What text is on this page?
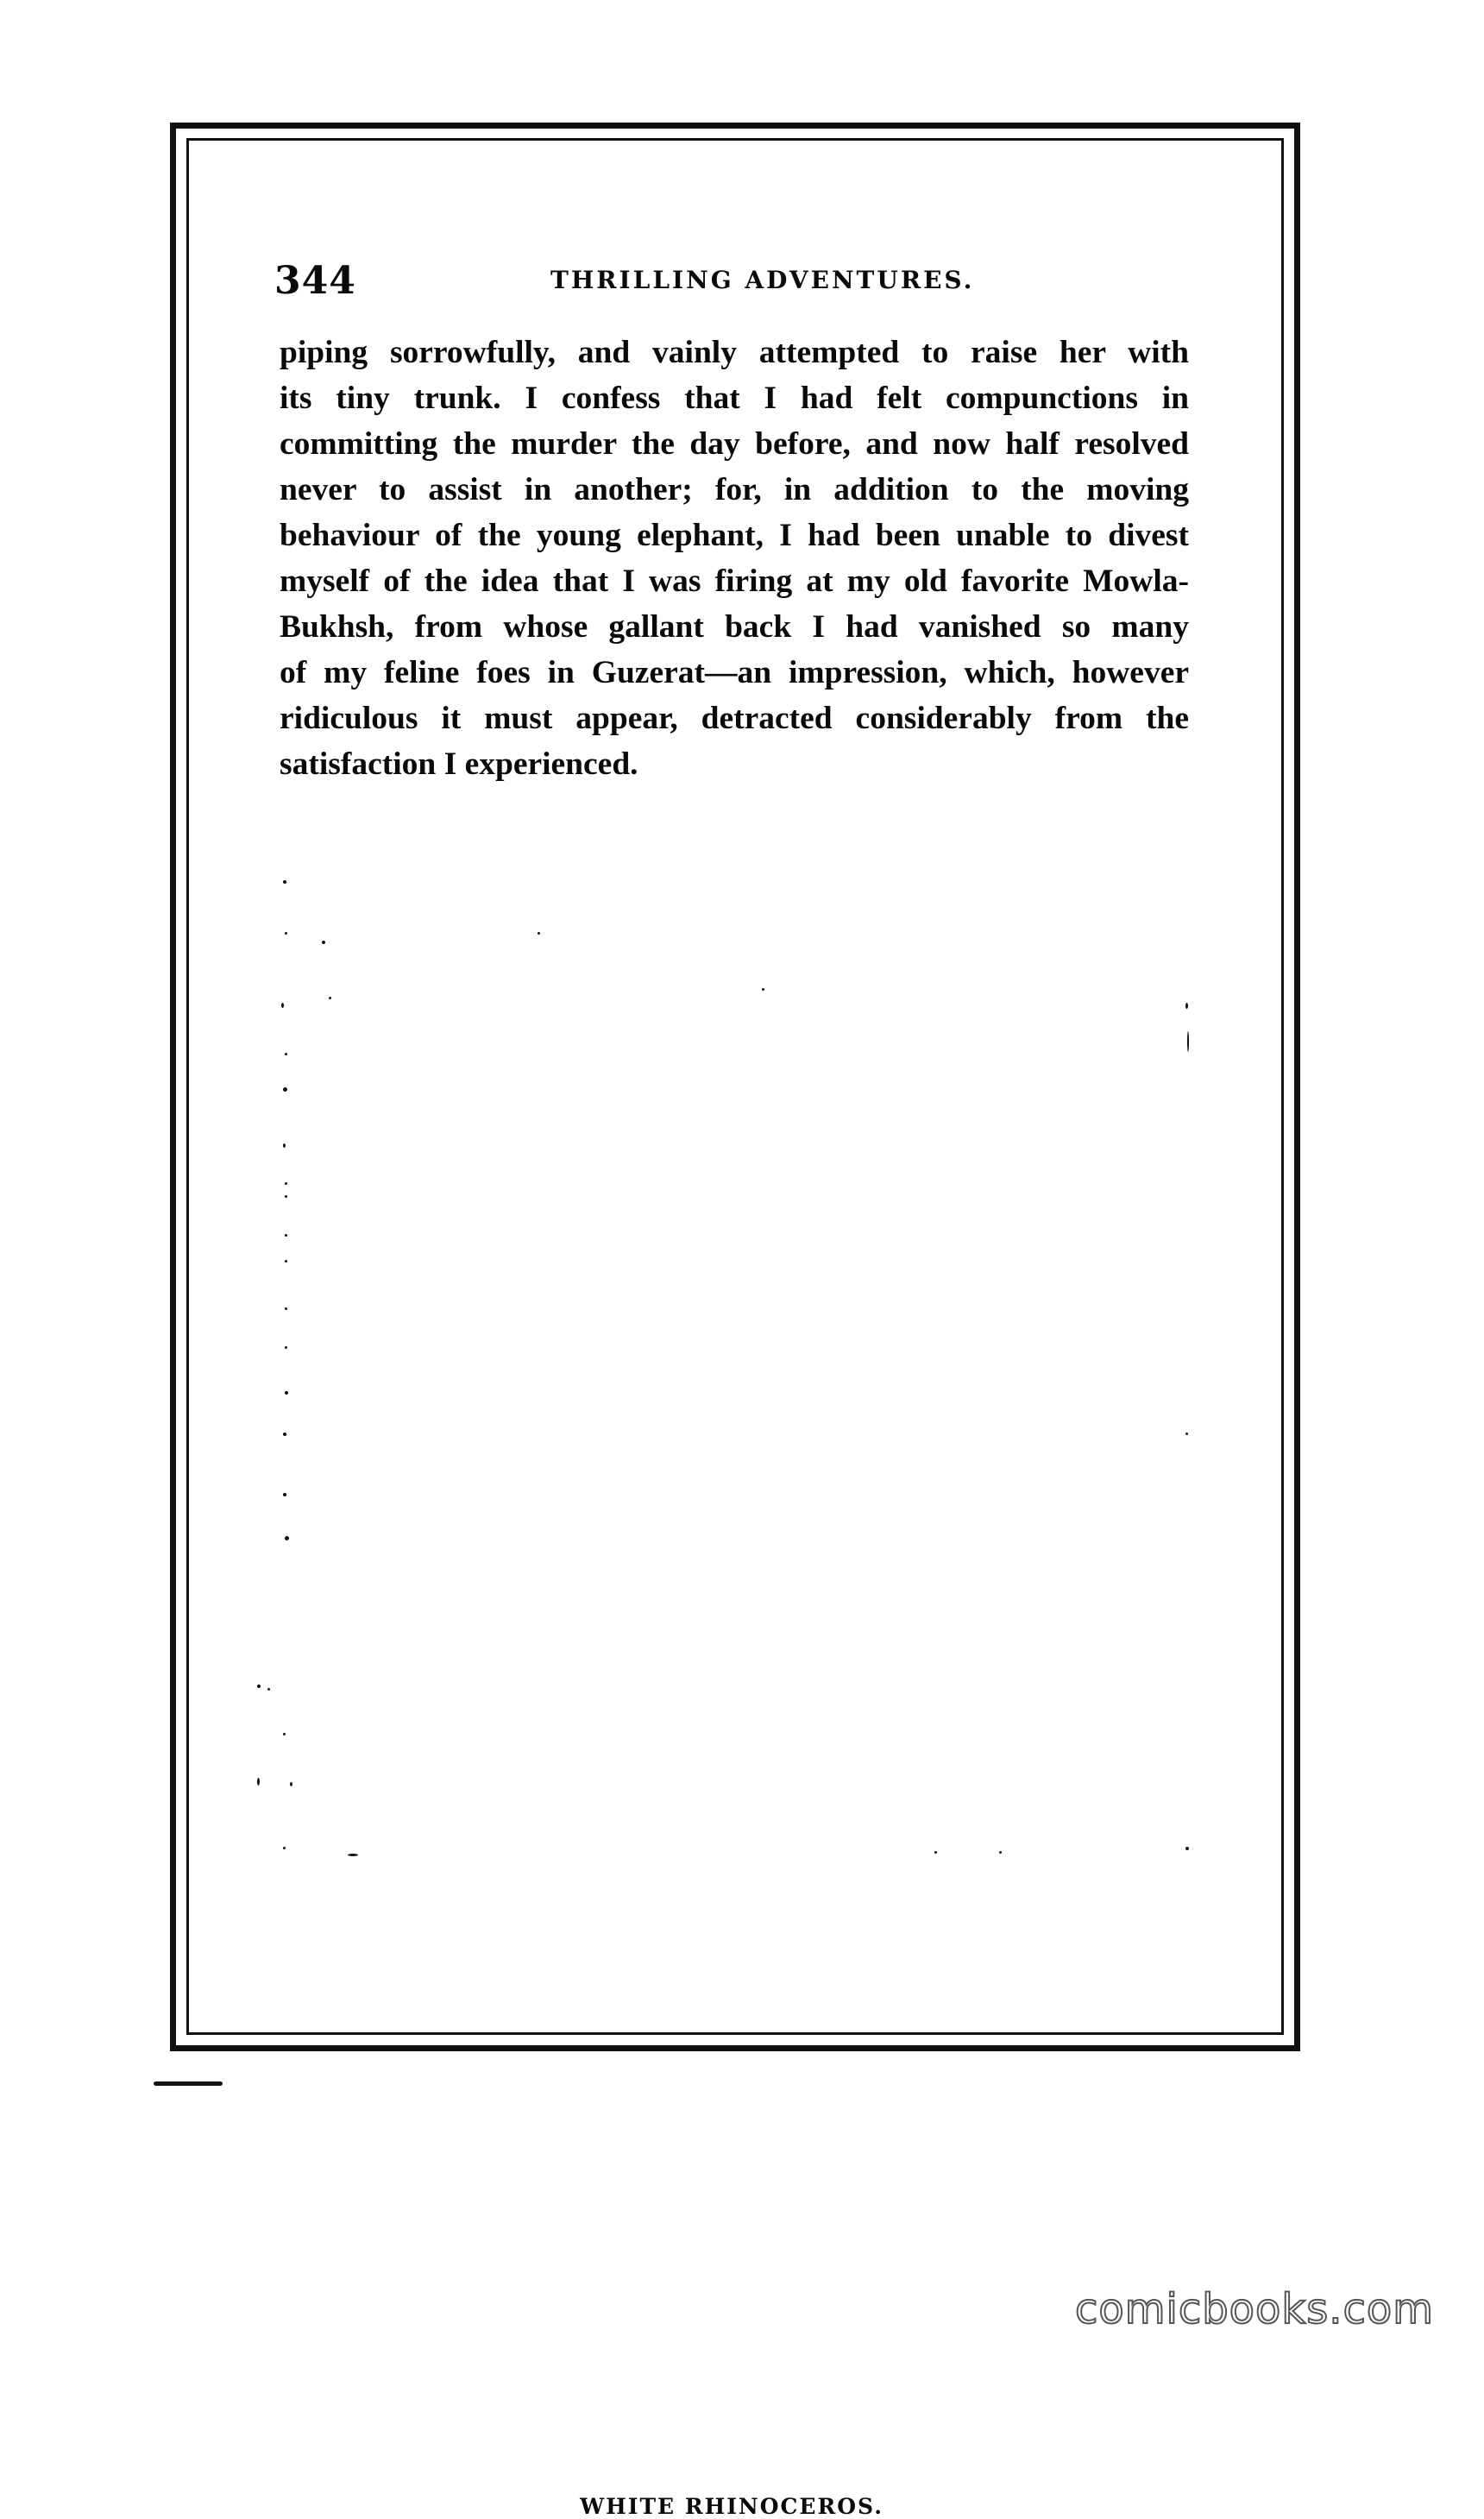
344	THRILLING ADVENTURES.
piping sorrowfully, and vainly attempted to raise her with
its tiny trunk. I confess that I had felt compunctions in
committing the murder the day before, and now half resolved
never to assist in another; for, in addition to the moving
behaviour of the young elephant, I had been unable to divest
myself of the idea that I was firing at my old favorite Mowla-
Bukhsh, from whose gallant back I had vanished so many
of my feline foes in Guzerat—an impression, which, however
ridiculous it must appear, detracted considerably from the
satisfaction I experienced.
WHITE RHINOCEROS.
comicbooks.com
